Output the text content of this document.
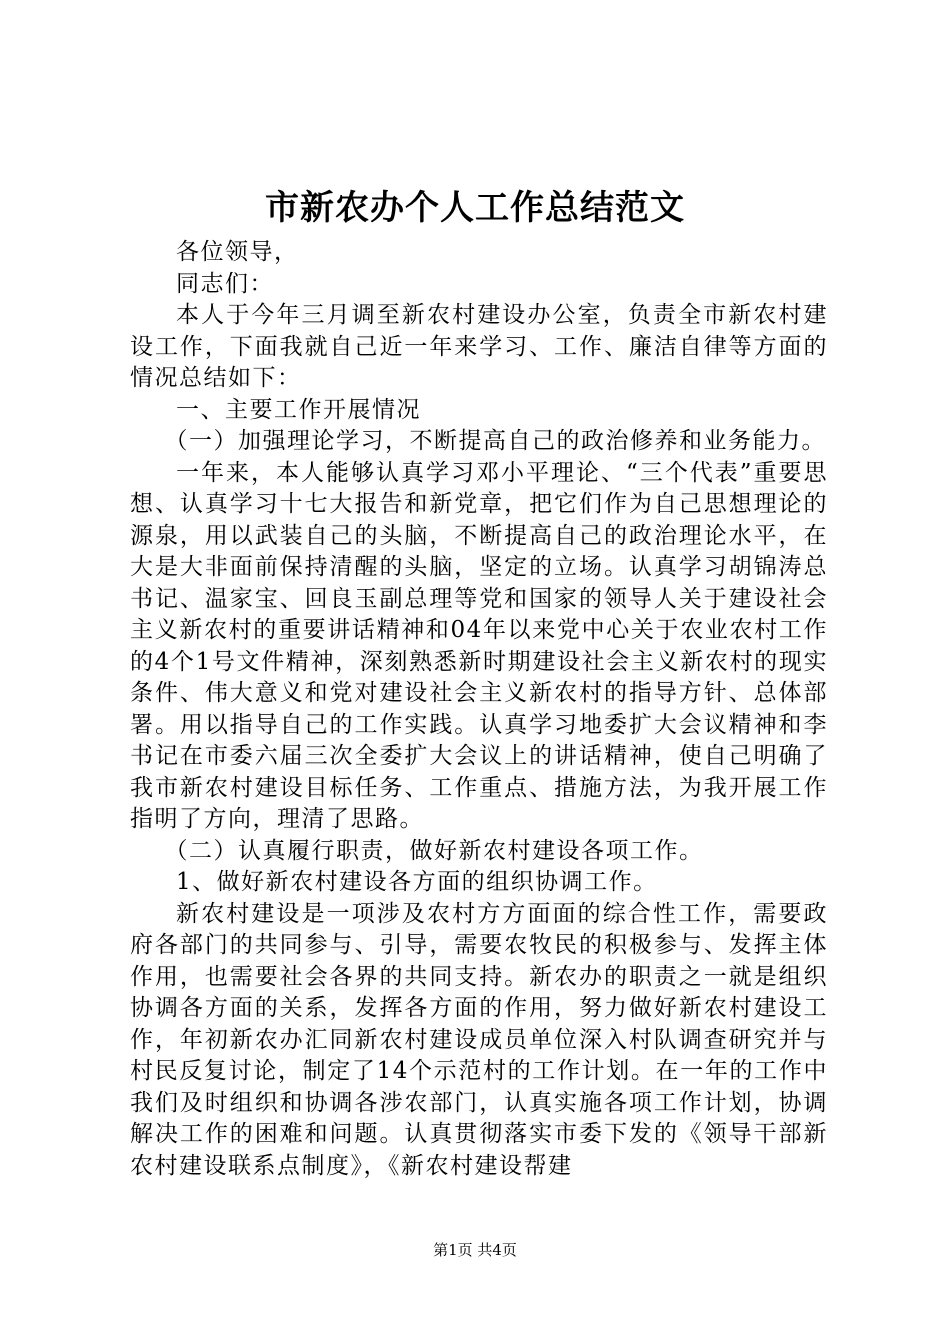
市新农办个人工作总结范文

各位领导，

同志们：

本人于今年三月调至新农村建设办公室，负责全市新农村建设工作，下面我就自己近一年来学习、工作、廉洁自律等方面的情况总结如下：

一、主要工作开展情况

（一）加强理论学习，不断提高自己的政治修养和业务能力。

一年来，本人能够认真学习邓小平理论、“三个代表”重要思想、认真学习十七大报告和新党章，把它们作为自己思想理论的源泉，用以武装自己的头脑，不断提高自己的政治理论水平，在大是大非面前保持清醒的头脑，坚定的立场。认真学习胡锦涛总书记、温家宝、回良玉副总理等党和国家的领导人关于建设社会主义新农村的重要讲话精神和04年以来党中心关于农业农村工作的4个1号文件精神，深刻熟悉新时期建设社会主义新农村的现实条件、伟大意义和党对建设社会主义新农村的指导方针、总体部署。用以指导自己的工作实践。认真学习地委扩大会议精神和李书记在市委六届三次全委扩大会议上的讲话精神，使自己明确了我市新农村建设目标任务、工作重点、措施方法，为我开展工作指明了方向，理清了思路。

（二）认真履行职责，做好新农村建设各项工作。

1、做好新农村建设各方面的组织协调工作。

新农村建设是一项涉及农村方方面面的综合性工作，需要政府各部门的共同参与、引导，需要农牧民的积极参与、发挥主体作用，也需要社会各界的共同支持。新农办的职责之一就是组织协调各方面的关系，发挥各方面的作用，努力做好新农村建设工作，年初新农办汇同新农村建设成员单位深入村队调查研究并与村民反复讨论，制定了14个示范村的工作计划。在一年的工作中我们及时组织和协调各涉农部门，认真实施各项工作计划，协调解决工作的困难和问题。认真贯彻落实市委下发的《领导干部新农村建设联系点制度》，《新农村建设帮建

第1页 共4页
